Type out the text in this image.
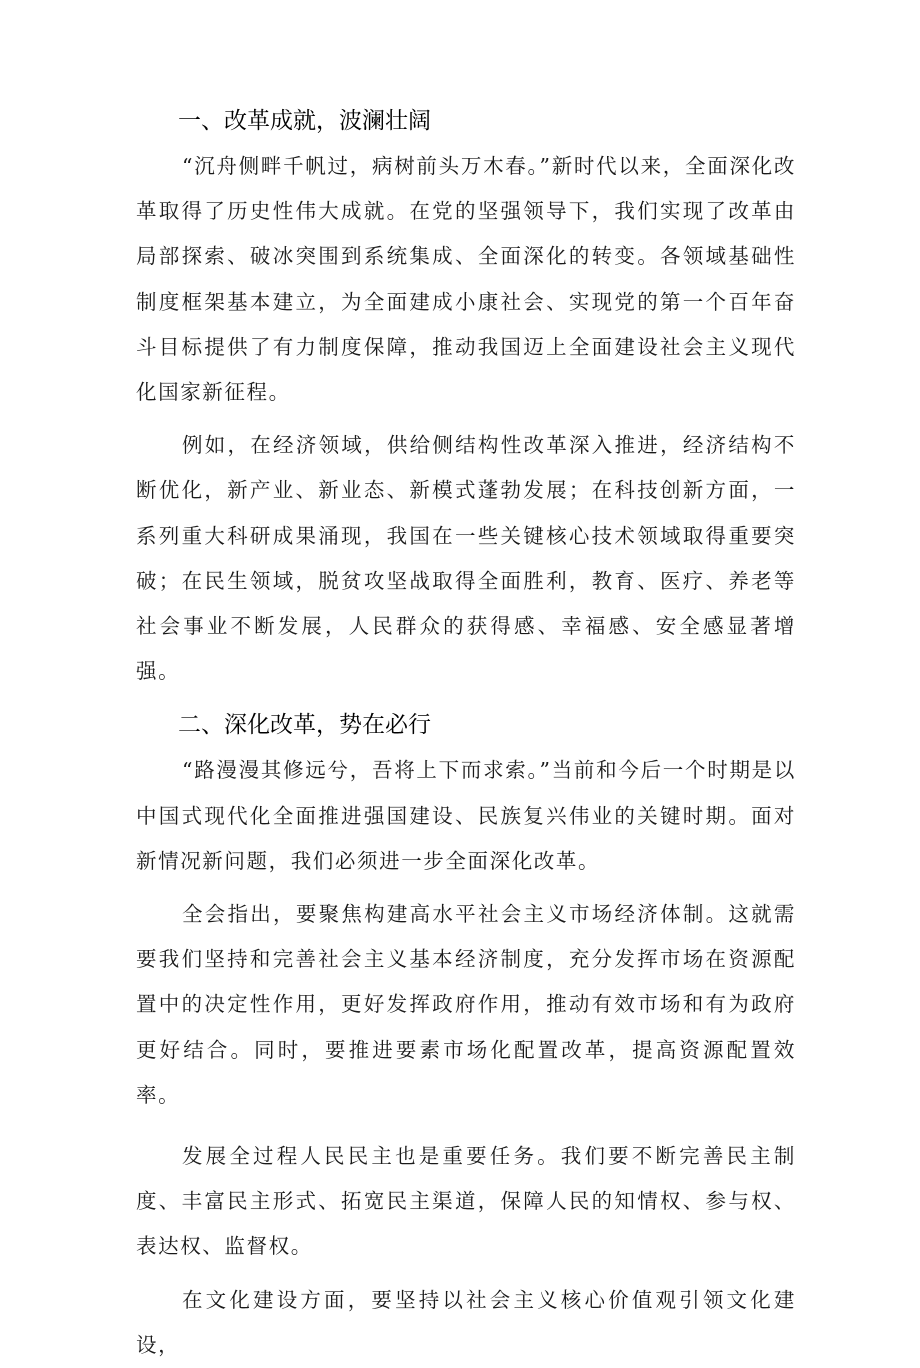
一、改革成就，波澜壮阔

“沉舟侧畔千帆过，病树前头万木春。”新时代以来，全面深化改革取得了历史性伟大成就。在党的坚强领导下，我们实现了改革由局部探索、破冰突围到系统集成、全面深化的转变。各领域基础性制度框架基本建立，为全面建成小康社会、实现党的第一个百年奋斗目标提供了有力制度保障，推动我国迈上全面建设社会主义现代化国家新征程。

例如，在经济领域，供给侧结构性改革深入推进，经济结构不断优化，新产业、新业态、新模式蓬勃发展；在科技创新方面，一系列重大科研成果涌现，我国在一些关键核心技术领域取得重要突破；在民生领域，脱贫攻坚战取得全面胜利，教育、医疗、养老等社会事业不断发展，人民群众的获得感、幸福感、安全感显著增强。

二、深化改革，势在必行

“路漫漫其修远兮，吾将上下而求索。”当前和今后一个时期是以中国式现代化全面推进强国建设、民族复兴伟业的关键时期。面对新情况新问题，我们必须进一步全面深化改革。

全会指出，要聚焦构建高水平社会主义市场经济体制。这就需要我们坚持和完善社会主义基本经济制度，充分发挥市场在资源配置中的决定性作用，更好发挥政府作用，推动有效市场和有为政府更好结合。同时，要推进要素市场化配置改革，提高资源配置效率。

发展全过程人民民主也是重要任务。我们要不断完善民主制度、丰富民主形式、拓宽民主渠道，保障人民的知情权、参与权、表达权、监督权。

在文化建设方面，要坚持以社会主义核心价值观引领文化建设，
